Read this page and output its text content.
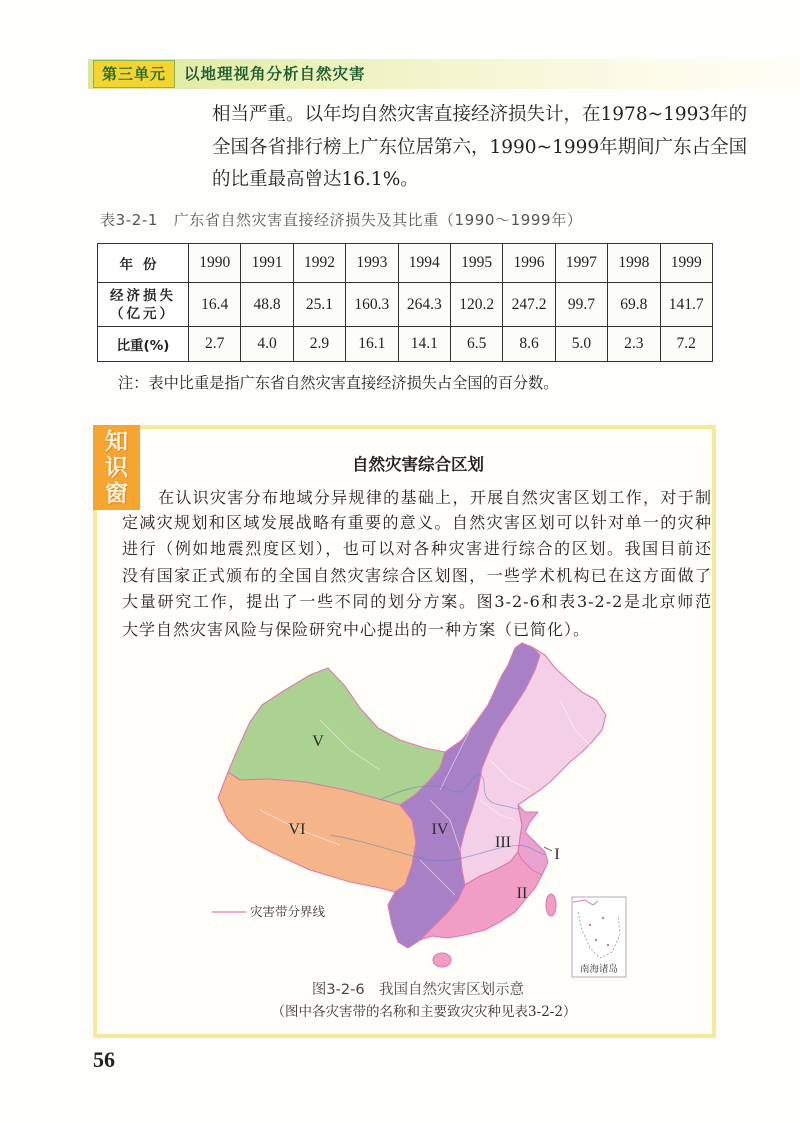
第三单元	以地理视角分析自然灾害
相当严重。以年均自然灾害直接经济损失计，在1978~1993年的
全国各省排行榜上广东位居第六，1990~1999年期间广东占全国
的比重最高曾达16.1%。
表3-2-1　广东省自然灾害直接经济损失及其比重（1990～1999年）
年份	1990	1991	1992	1993	1994	1995	1996	1997	1998	1999

经济损失
（亿元）	16.4	48.8	25.1	160.3	264.3	120.2	247.2	99.7	69.8	141.7
比重(%)	2.7	4.0	2.9	16.1	14.1	6.5	8.6	5.0	2.3	7.2
注：表中比重是指广东省自然灾害直接经济损失占全国的百分数。
知
识
窗
自然灾害综合区划
在认识灾害分布地域分异规律的基础上，开展自然灾害区划工作，对于制
定减灾规划和区域发展战略有重要的意义。自然灾害区划可以针对单一的灾种
进行（例如地震烈度区划），也可以对各种灾害进行综合的区划。我国目前还
没有国家正式颁布的全国自然灾害综合区划图，一些学术机构已在这方面做了
大量研究工作，提出了一些不同的划分方案。图3-2-6和表3-2-2是北京师范
大学自然灾害风险与保险研究中心提出的一种方案（已简化）。
V
VI	IV
III
II
I
灾害带分界线
南海诸岛
图3-2-6　我国自然灾害区划示意
（图中各灾害带的名称和主要致灾灾种见表3-2-2）
56
